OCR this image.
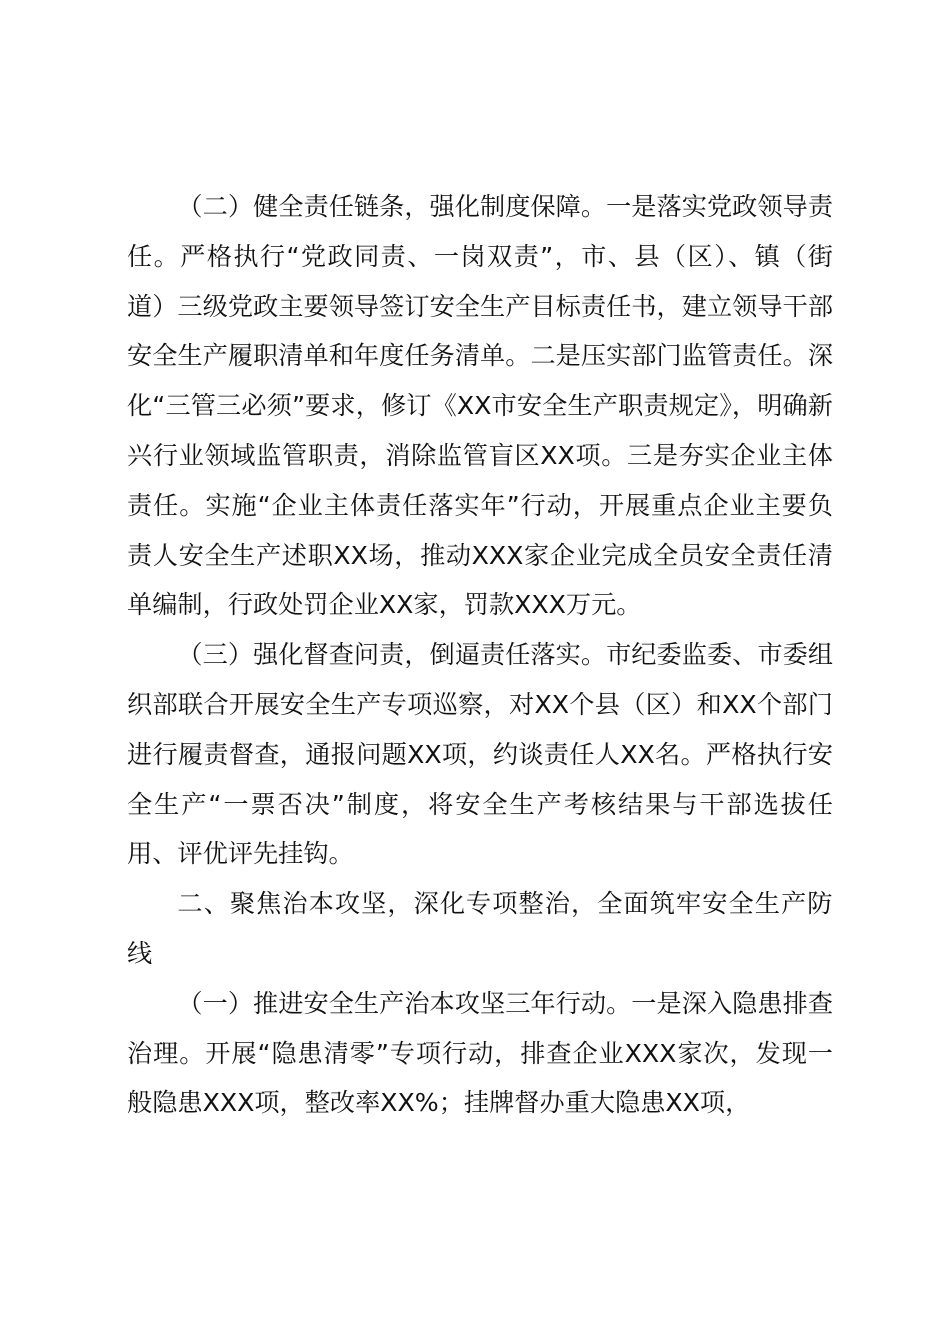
（二）健全责任链条，强化制度保障。一是落实党政领导责任。严格执行“党政同责、一岗双责”，市、县（区）、镇（街道）三级党政主要领导签订安全生产目标责任书，建立领导干部安全生产履职清单和年度任务清单。二是压实部门监管责任。深化“三管三必须”要求，修订《XX市安全生产职责规定》，明确新兴行业领域监管职责，消除监管盲区XX项。三是夯实企业主体责任。实施“企业主体责任落实年”行动，开展重点企业主要负责人安全生产述职XX场，推动XXX家企业完成全员安全责任清单编制，行政处罚企业XX家，罚款XXX万元。

（三）强化督查问责，倒逼责任落实。市纪委监委、市委组织部联合开展安全生产专项巡察，对XX个县（区）和XX个部门进行履责督查，通报问题XX项，约谈责任人XX名。严格执行安全生产“一票否决”制度，将安全生产考核结果与干部选拔任用、评优评先挂钩。

二、聚焦治本攻坚，深化专项整治，全面筑牢安全生产防线

（一）推进安全生产治本攻坚三年行动。一是深入隐患排查治理。开展“隐患清零”专项行动，排查企业XXX家次，发现一般隐患XXX项，整改率XX%；挂牌督办重大隐患XX项，
